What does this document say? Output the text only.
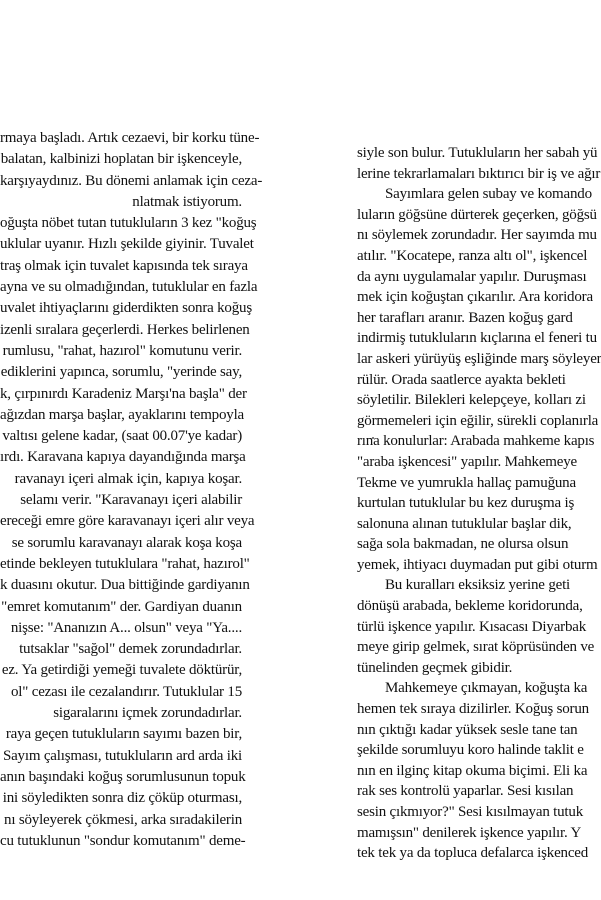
rmaya başladı. Artık cezaevi, bir korku tüne-
balatan, kalbinizi hoplatan bir işkenceyle,
karşıyaydınız. Bu dönemi anlamak için ceza-
nlatmak istiyorum.
oğuşta nöbet tutan tutukluların 3 kez "koğuş
uklular uyanır. Hızlı şekilde giyinir. Tuvalet
traş olmak için tuvalet kapısında tek sıraya
ayna ve su olmadığından, tutuklular en fazla
uvalet ihtiyaçlarını giderdikten sonra koğuş
izenli sıralara geçerlerdi. Herkes belirlenen
rumlusu, "rahat, hazırol" komutunu verir.
ediklerini yapınca, sorumlu, "yerinde say,
k, çırpınırdı Karadeniz Marşı'na başla" der
ağızdan marşa başlar, ayaklarını tempoyla
valtısı gelene kadar, (saat 00.07'ye kadar)
ırdı. Karavana kapıya dayandığında marşa
ravanayı içeri almak için, kapıya koşar.
selamı verir. "Karavanayı içeri alabilir
ereceği emre göre karavanayı içeri alır veya
se sorumlu karavanayı alarak koşa koşa
etinde bekleyen tutuklulara "rahat, hazırol"
k duasını okutur. Dua bittiğinde gardiyanın
"emret komutanım" der. Gardiyan duanın
nişse: "Ananızın A... olsun" veya "Ya....
tutsaklar "sağol" demek zorundadırlar.
ez. Ya getirdiği yemeği tuvalete döktürür,
ol" cezası ile cezalandırır. Tutuklular 15
sigaralarını içmek zorundadırlar.
raya geçen tutukluların sayımı bazen bir,
Sayım çalışması, tutukluların ard arda iki
anın başındaki koğuş sorumlusunun topuk
ini söyledikten sonra diz çöküp oturması,
nı söyleyerek çökmesi, arka sıradakilerin
cu tutuklunun "sondur komutanım" deme-
siyle son bulur. Tutukluların her sabah yü
lerine tekrarlamaları bıktırıcı bir iş ve ağır
Sayımlara gelen subay ve komando
luların göğsüne dürterek geçerken, göğsü
nı söylemek zorundadır. Her sayımda mu
atılır. "Kocatepe, ranza altı ol", işkencel
da aynı uygulamalar yapılır. Duruşması
mek için koğuştan çıkarılır. Ara koridora
her tarafları aranır. Bazen koğuş gard
indirmiş tutukluların kıçlarına el feneri tu
lar askeri yürüyüş eşliğinde marş söyleyer
rülür. Orada saatlerce ayakta bekleti
söyletilir. Bilekleri kelepçeye, kolları zi
görmemeleri için eğilir, sürekli coplanırla
rına konulurlar: Arabada mahkeme kapıs
"araba işkencesi" yapılır. Mahkemeye
Tekme ve yumrukla hallaç pamuğuna
kurtulan tutuklular bu kez duruşma iş
salonuna alınan tutuklular başlar dik,
sağa sola bakmadan, ne olursa olsun
yemek, ihtiyacı duymadan put gibi oturm
Bu kuralları eksiksiz yerine geti
dönüşü arabada, bekleme koridorunda,
türlü işkence yapılır. Kısacası Diyarbak
meye girip gelmek, sırat köprüsünden ve
tünelinden geçmek gibidir.
Mahkemeye çıkmayan, koğuşta ka
hemen tek sıraya dizilirler. Koğuş sorun
nın çıktığı kadar yüksek sesle tane tan
şekilde sorumluyu koro halinde taklit e
nın en ilginç kitap okuma biçimi. Eli ka
rak ses kontrolü yaparlar. Sesi kısılan
sesin çıkmıyor?" Sesi kısılmayan tutuk
mamışsın" denilerek işkence yapılır. Y
tek tek ya da topluca defalarca işkenced
